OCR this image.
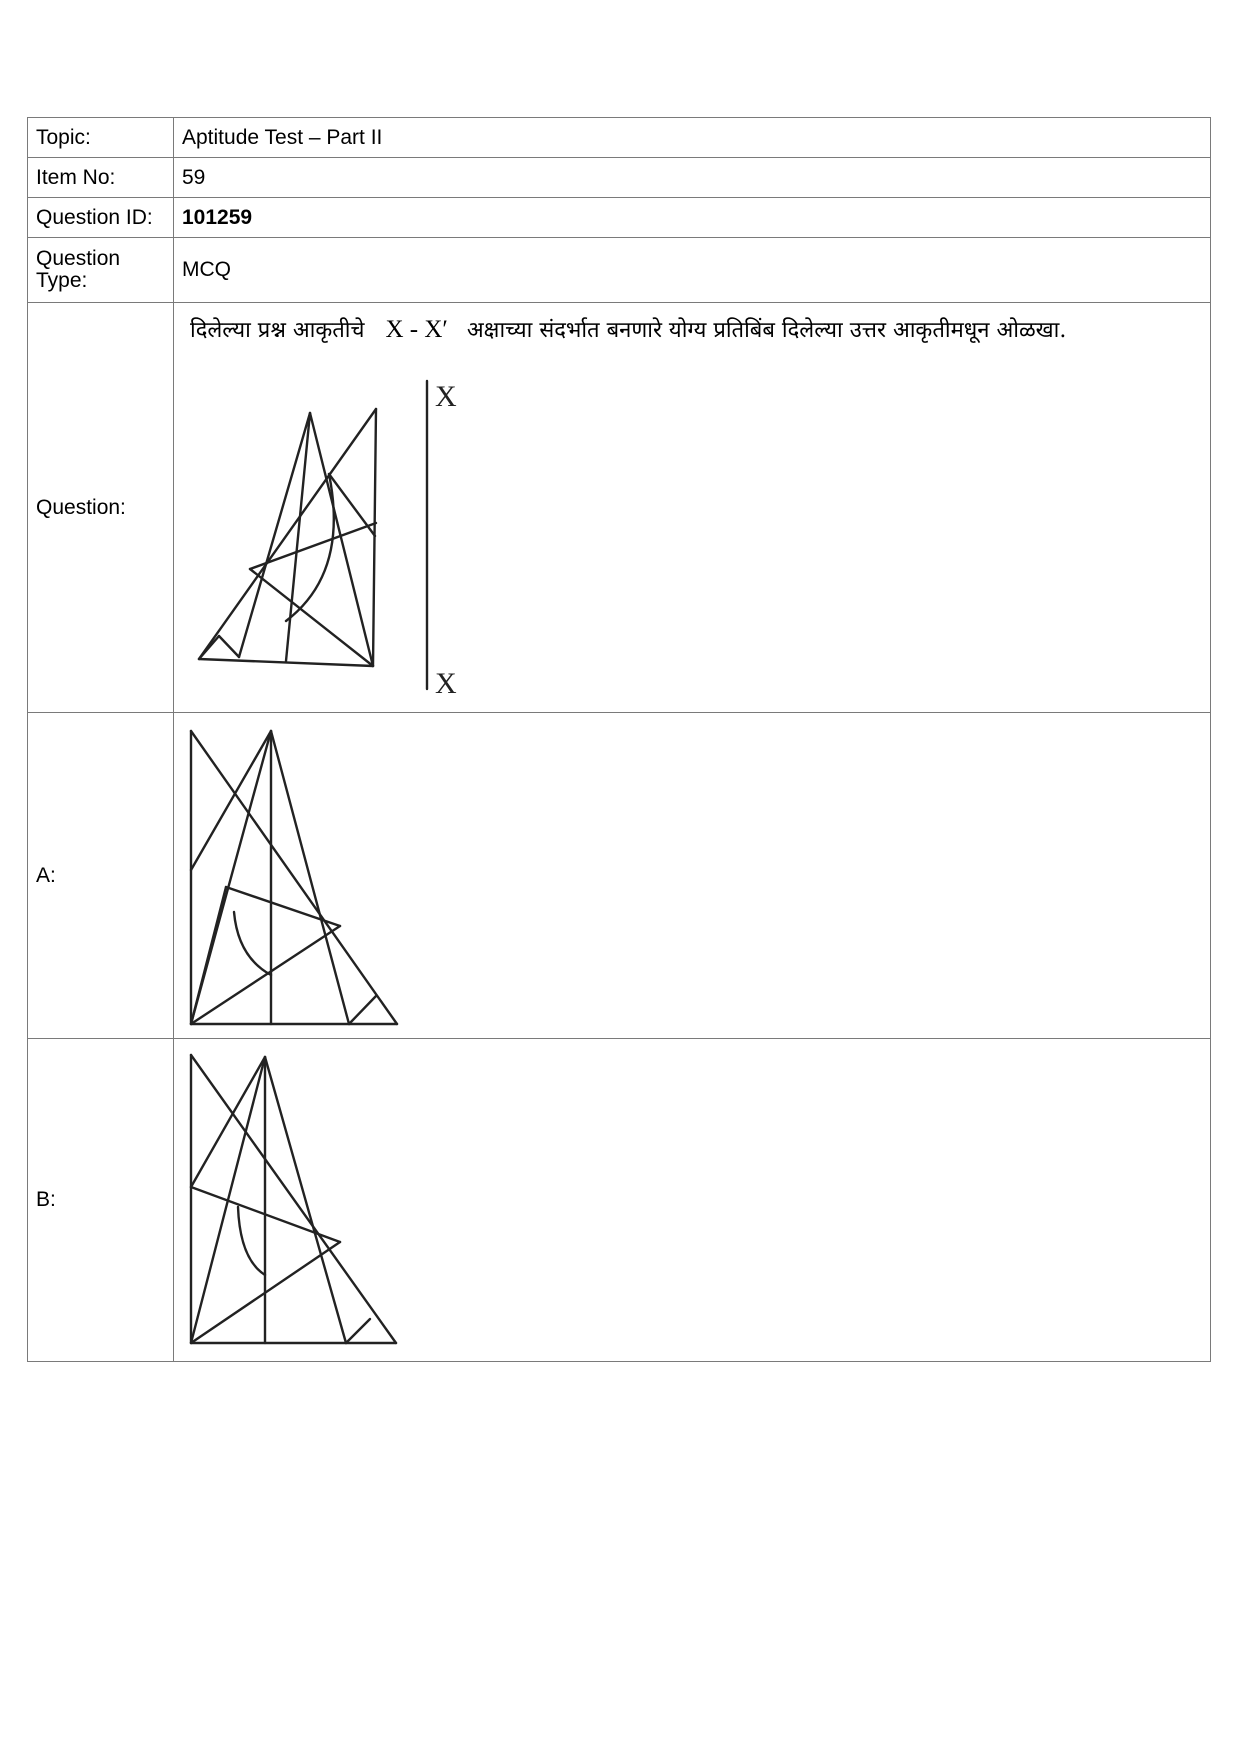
Topic:	Aptitude Test – Part II
Item No:	59
Question ID:	101259
Question Type:	MCQ
Question:	दिलेल्या प्रश्न आकृतीचे X - X′ अक्षाच्या संदर्भात बनणारे योग्य प्रतिबिंब दिलेल्या उत्तर आकृतीमधून ओळखा.
X
X

A:	

B:	
